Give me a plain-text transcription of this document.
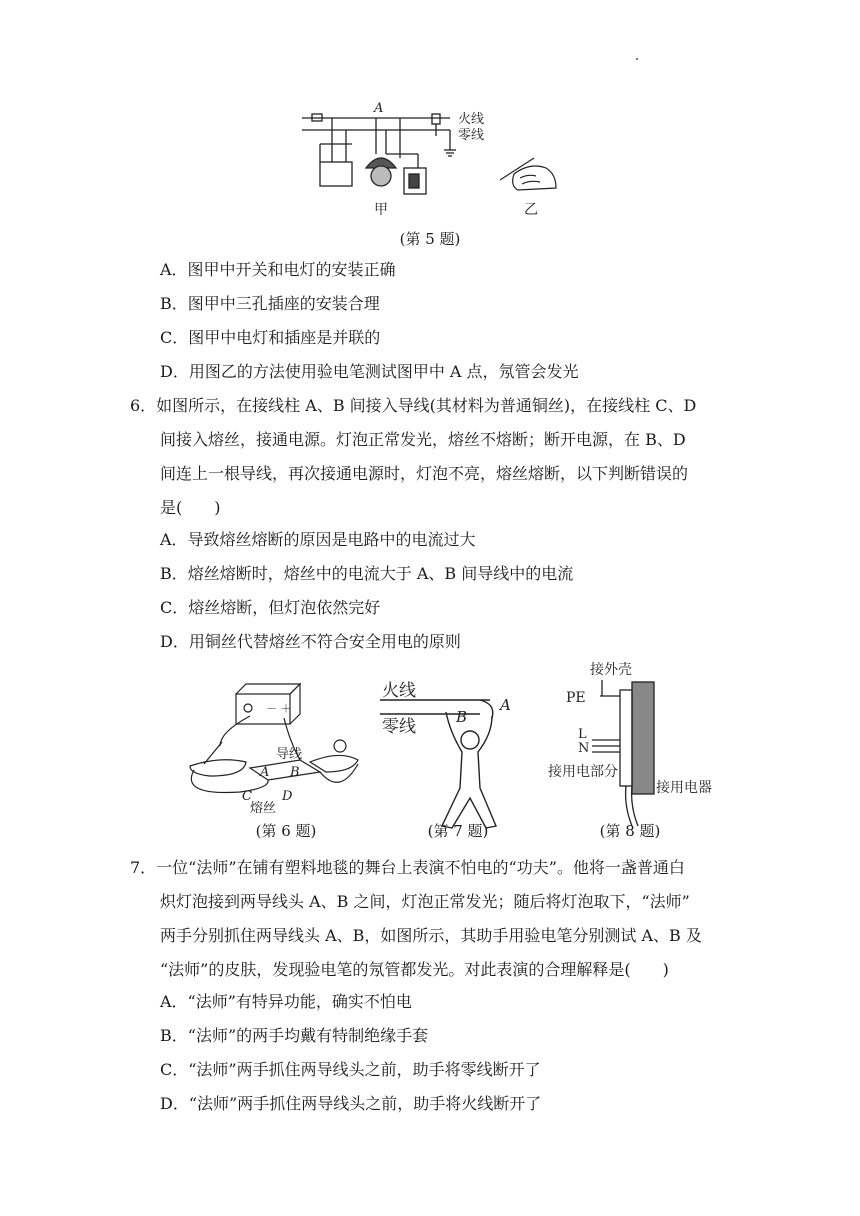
A
火线
零线
甲	乙
(第 5 题)
A．图甲中开关和电灯的安装正确
B．图甲中三孔插座的安装合理
C．图甲中电灯和插座是并联的
D．用图乙的方法使用验电笔测试图甲中 A 点，氖管会发光
6．如图所示，在接线柱 A、B 间接入导线(其材料为普通铜丝)，在接线柱 C、D
间接入熔丝，接通电源。灯泡正常发光，熔丝不熔断；断开电源，在 B、D
间连上一根导线，再次接通电源时，灯泡不亮，熔丝熔断，以下判断错误的
是(　　)
A．导致熔丝熔断的原因是电路中的电流过大
B．熔丝熔断时，熔丝中的电流大于 A、B 间导线中的电流
C．熔丝熔断，但灯泡依然完好
D．用铜丝代替熔丝不符合安全用电的原则
－ ＋
导线
A B
C D
熔丝
火线
零线
A
B
接外壳
PE
L
N
接用电部分
接用电器
(第 6 题)	(第 7 题)	(第 8 题)
7．一位“法师”在铺有塑料地毯的舞台上表演不怕电的“功夫”。他将一盏普通白
炽灯泡接到两导线头 A、B 之间，灯泡正常发光；随后将灯泡取下，“法师”
两手分别抓住两导线头 A、B，如图所示，其助手用验电笔分别测试 A、B 及
“法师”的皮肤，发现验电笔的氖管都发光。对此表演的合理解释是(　　)
A．“法师”有特异功能，确实不怕电
B．“法师”的两手均戴有特制绝缘手套
C．“法师”两手抓住两导线头之前，助手将零线断开了
D．“法师”两手抓住两导线头之前，助手将火线断开了
